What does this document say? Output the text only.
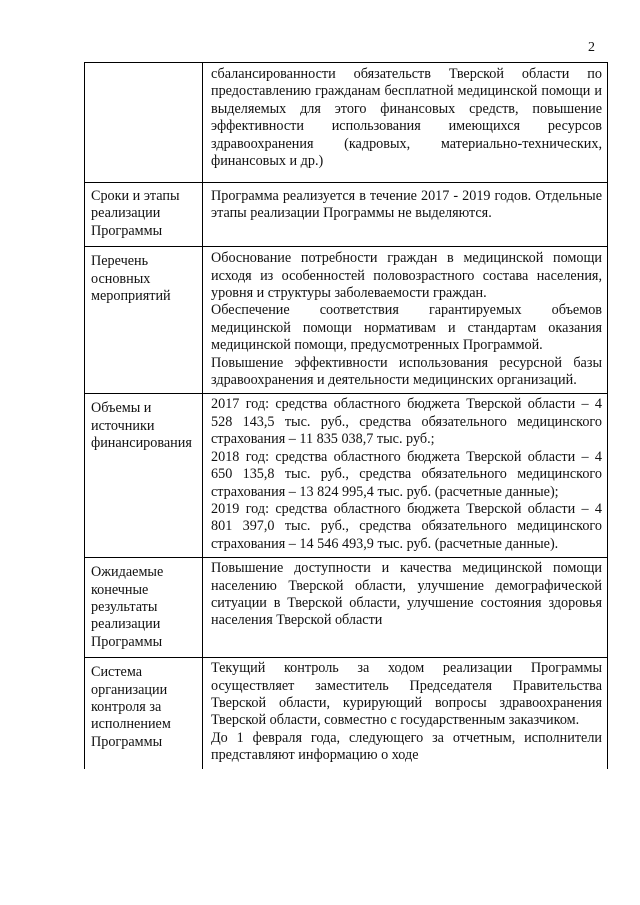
2

	сбалансированности обязательств Тверской области по предоставлению гражданам бесплатной медицинской помощи и выделяемых для этого финансовых средств, повышение эффективности использования имеющихся ресурсов здравоохранения (кадровых, материально-технических, финансовых и др.)

Сроки и этапы реализации Программы	Программа реализуется в течение 2017 - 2019 годов. Отдельные этапы реализации Программы не выделяются.

Перечень основных мероприятий	Обоснование потребности граждан в медицинской помощи исходя из особенностей половозрастного состава населения, уровня и структуры заболеваемости граждан.

Обеспечение соответствия гарантируемых объемов медицинской помощи нормативам и стандартам оказания медицинской помощи, предусмотренных Программой.

Повышение эффективности использования ресурсной базы здравоохранения и деятельности медицинских организаций.

Объемы и источники финансирования	2017 год: средства областного бюджета Тверской области – 4 528 143,5 тыс. руб., средства обязательного медицинского страхования – 11 835 038,7 тыс. руб.;

2018 год: средства областного бюджета Тверской области – 4 650 135,8 тыс. руб., средства обязательного медицинского страхования – 13 824 995,4 тыс. руб. (расчетные данные);

2019 год: средства областного бюджета Тверской области – 4 801 397,0 тыс. руб., средства обязательного медицинского страхования – 14 546 493,9 тыс. руб. (расчетные данные).

Ожидаемые конечные результаты реализации Программы	Повышение доступности и качества медицинской помощи населению Тверской области, улучшение демографической ситуации в Тверской области, улучшение состояния здоровья населения Тверской области

Система организации контроля за исполнением Программы	Текущий контроль за ходом реализации Программы осуществляет заместитель Председателя Правительства Тверской области, курирующий вопросы здравоохранения Тверской области, совместно с государственным заказчиком.

До 1 февраля года, следующего за отчетным, исполнители представляют информацию о ходе
